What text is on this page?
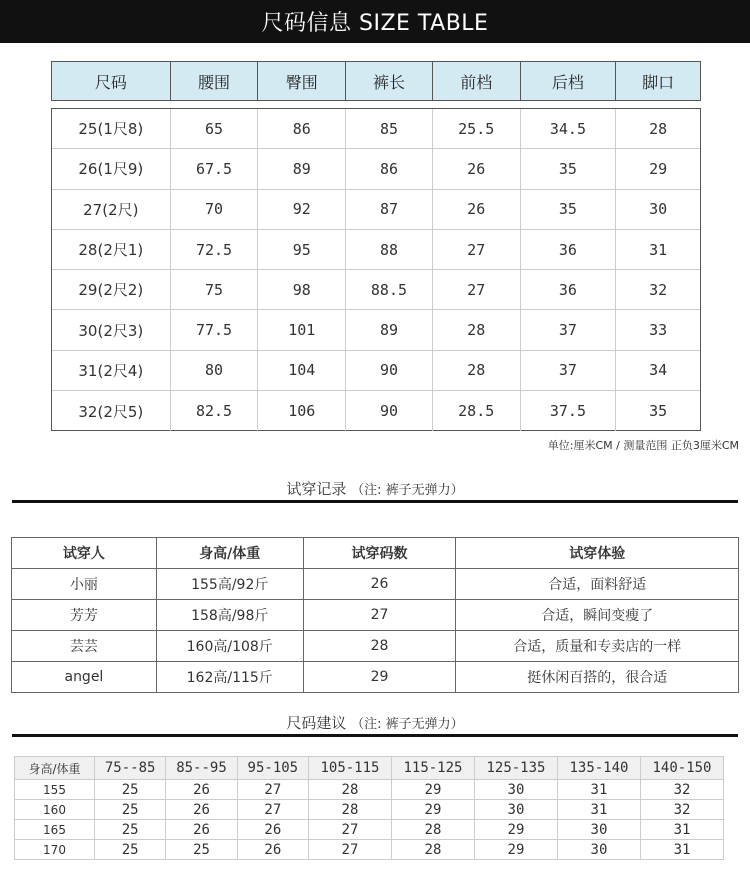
尺码信息 SIZE TABLE
尺码	腰围	臀围	裤长	前档	后档	脚口
25(1尺8)	65	86	85	25.5	34.5	28
26(1尺9)	67.5	89	86	26	35	29
27(2尺)	70	92	87	26	35	30
28(2尺1)	72.5	95	88	27	36	31
29(2尺2)	75	98	88.5	27	36	32
30(2尺3)	77.5	101	89	28	37	33
31(2尺4)	80	104	90	28	37	34
32(2尺5)	82.5	106	90	28.5	37.5	35
单位:厘米CM / 测量范围 正负3厘米CM
试穿记录 （注: 裤子无弹力）
试穿人	身高/体重	试穿码数	试穿体验
小丽	155高/92斤	26	合适，面料舒适
芳芳	158高/98斤	27	合适，瞬间变瘦了
芸芸	160高/108斤	28	合适，质量和专卖店的一样
angel	162高/115斤	29	挺休闲百搭的，很合适
尺码建议 （注: 裤子无弹力）
身高/体重	75--85	85--95	95-105	105-115	115-125	125-135	135-140	140-150
155	25	26	27	28	29	30	31	32
160	25	26	27	28	29	30	31	32
165	25	26	26	27	28	29	30	31
170	25	25	26	27	28	29	30	31
